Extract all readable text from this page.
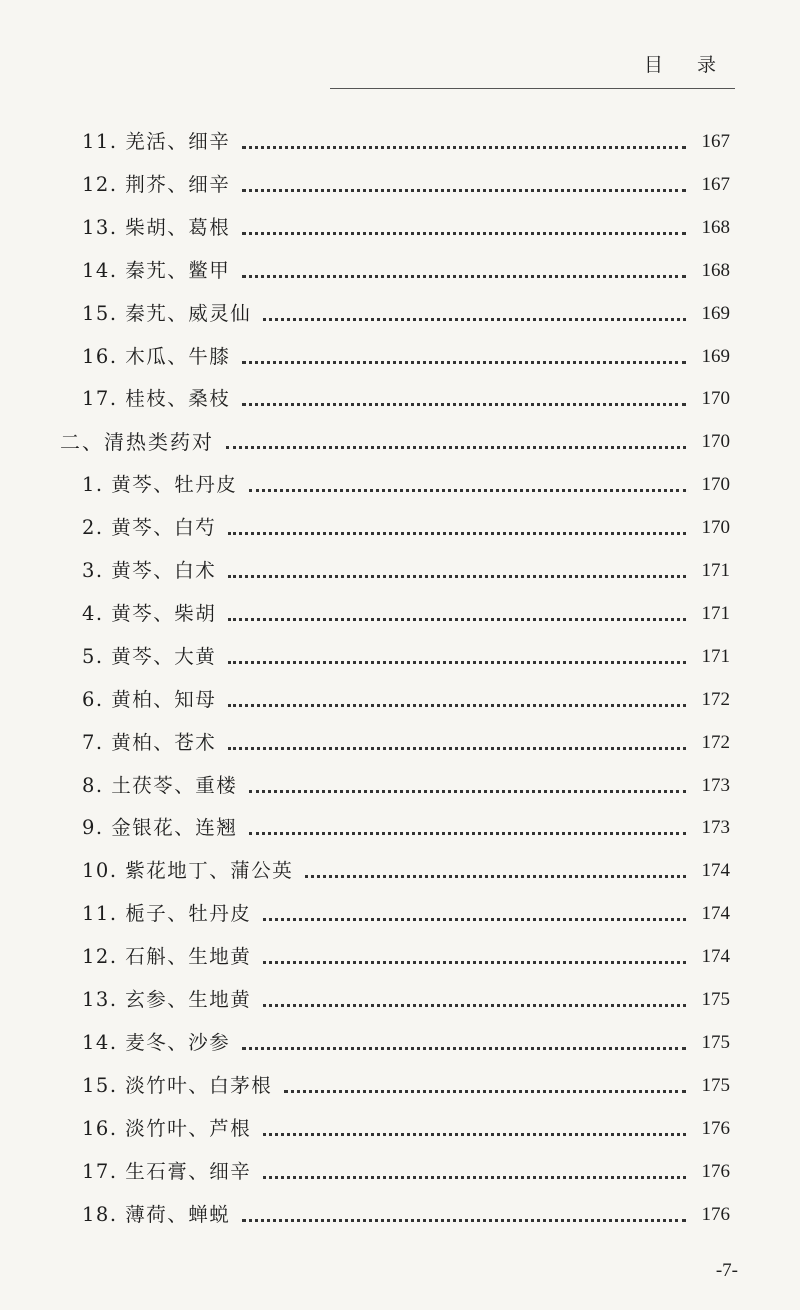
目 录
11. 羌活、细辛	167
12. 荆芥、细辛	167
13. 柴胡、葛根	168
14. 秦艽、鳖甲	168
15. 秦艽、威灵仙	169
16. 木瓜、牛膝	169
17. 桂枝、桑枝	170
二、清热类药对	170
1. 黄芩、牡丹皮	170
2. 黄芩、白芍	170
3. 黄芩、白术	171
4. 黄芩、柴胡	171
5. 黄芩、大黄	171
6. 黄柏、知母	172
7. 黄柏、苍术	172
8. 土茯苓、重楼	173
9. 金银花、连翘	173
10. 紫花地丁、蒲公英	174
11. 栀子、牡丹皮	174
12. 石斛、生地黄	174
13. 玄参、生地黄	175
14. 麦冬、沙参	175
15. 淡竹叶、白茅根	175
16. 淡竹叶、芦根	176
17. 生石膏、细辛	176
18. 薄荷、蝉蜕	176
-7-
